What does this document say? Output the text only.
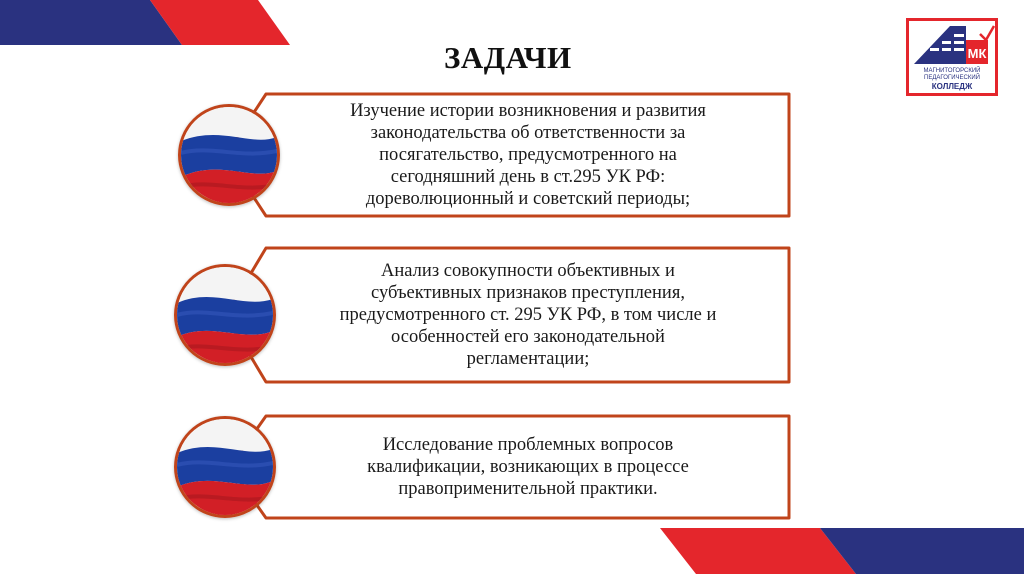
ЗАДАЧИ	МК
МАГНИТОГОРСКИЙ
ПЕДАГОГИЧЕСКИЙ
КОЛЛЕДЖ
Изучение истории возникновения и развития
законодательства об ответственности за
посягательство, предусмотренного на
сегодняшний день в ст.295 УК РФ:
дореволюционный и советский периоды;
Анализ совокупности объективных и
субъективных признаков преступления,
предусмотренного ст. 295 УК РФ, в том числе и
особенностей его законодательной
регламентации;
Исследование проблемных вопросов
квалификации, возникающих в процессе
правоприменительной практики.
